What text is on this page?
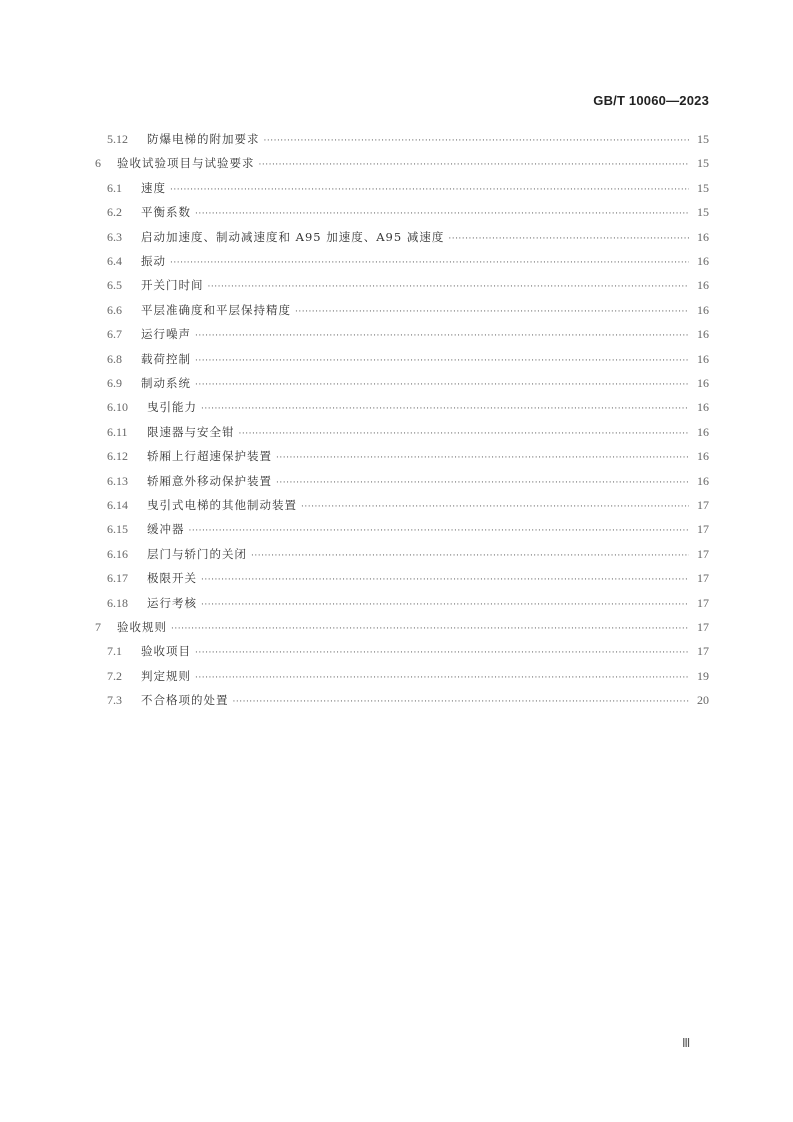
GB/T 10060—2023
5.12	防爆电梯的附加要求 ·····	15
6	验收试验项目与试验要求 ·····	15
6.1	速度 ·····	15
6.2	平衡系数 ·····	15
6.3	启动加速度、制动减速度和 A95 加速度、A95 减速度 ·····	16
6.4	振动 ·····	16
6.5	开关门时间 ·····	16
6.6	平层准确度和平层保持精度 ·····	16
6.7	运行噪声 ·····	16
6.8	载荷控制 ·····	16
6.9	制动系统 ·····	16
6.10	曳引能力 ·····	16
6.11	限速器与安全钳 ·····	16
6.12	轿厢上行超速保护装置 ·····	16
6.13	轿厢意外移动保护装置 ·····	16
6.14	曳引式电梯的其他制动装置 ·····	17
6.15	缓冲器 ·····	17
6.16	层门与轿门的关闭 ·····	17
6.17	极限开关 ·····	17
6.18	运行考核 ·····	17
7	验收规则 ·····	17
7.1	验收项目 ·····	17
7.2	判定规则 ·····	19
7.3	不合格项的处置 ·····	20
Ⅲ
